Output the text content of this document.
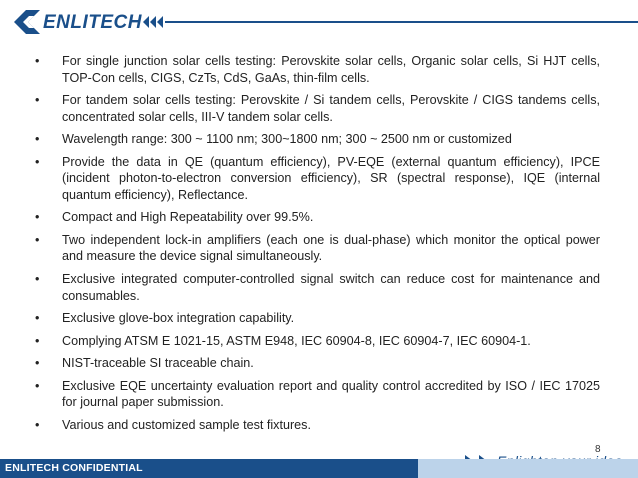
ENLITECH
• For single junction solar cells testing: Perovskite solar cells, Organic solar cells, Si HJT cells, TOP-Con cells, CIGS, CzTs, CdS, GaAs, thin-film cells.
• For tandem solar cells testing: Perovskite / Si tandem cells, Perovskite / CIGS tandems cells, concentrated solar cells, III-V tandem solar cells.
• Wavelength range: 300 ~ 1100 nm; 300~1800 nm; 300 ~ 2500 nm or customized
• Provide the data in QE (quantum efficiency), PV-EQE (external quantum efficiency), IPCE (incident photon-to-electron conversion efficiency), SR (spectral response), IQE (internal quantum efficiency), Reflectance.
• Compact and High Repeatability over 99.5%.
• Two independent lock-in amplifiers (each one is dual-phase) which monitor the optical power and measure the device signal simultaneously.
• Exclusive integrated computer-controlled signal switch can reduce cost for maintenance and consumables.
• Exclusive glove-box integration capability.
• Complying ATSM E 1021-15, ASTM E948, IEC 60904-8, IEC 60904-7, IEC 60904-1.
• NIST-traceable SI traceable chain.
• Exclusive EQE uncertainty evaluation report and quality control accredited by ISO / IEC 17025 for journal paper submission.
• Various and customized sample test fixtures.
8
ENLITECH CONFIDENTIAL
